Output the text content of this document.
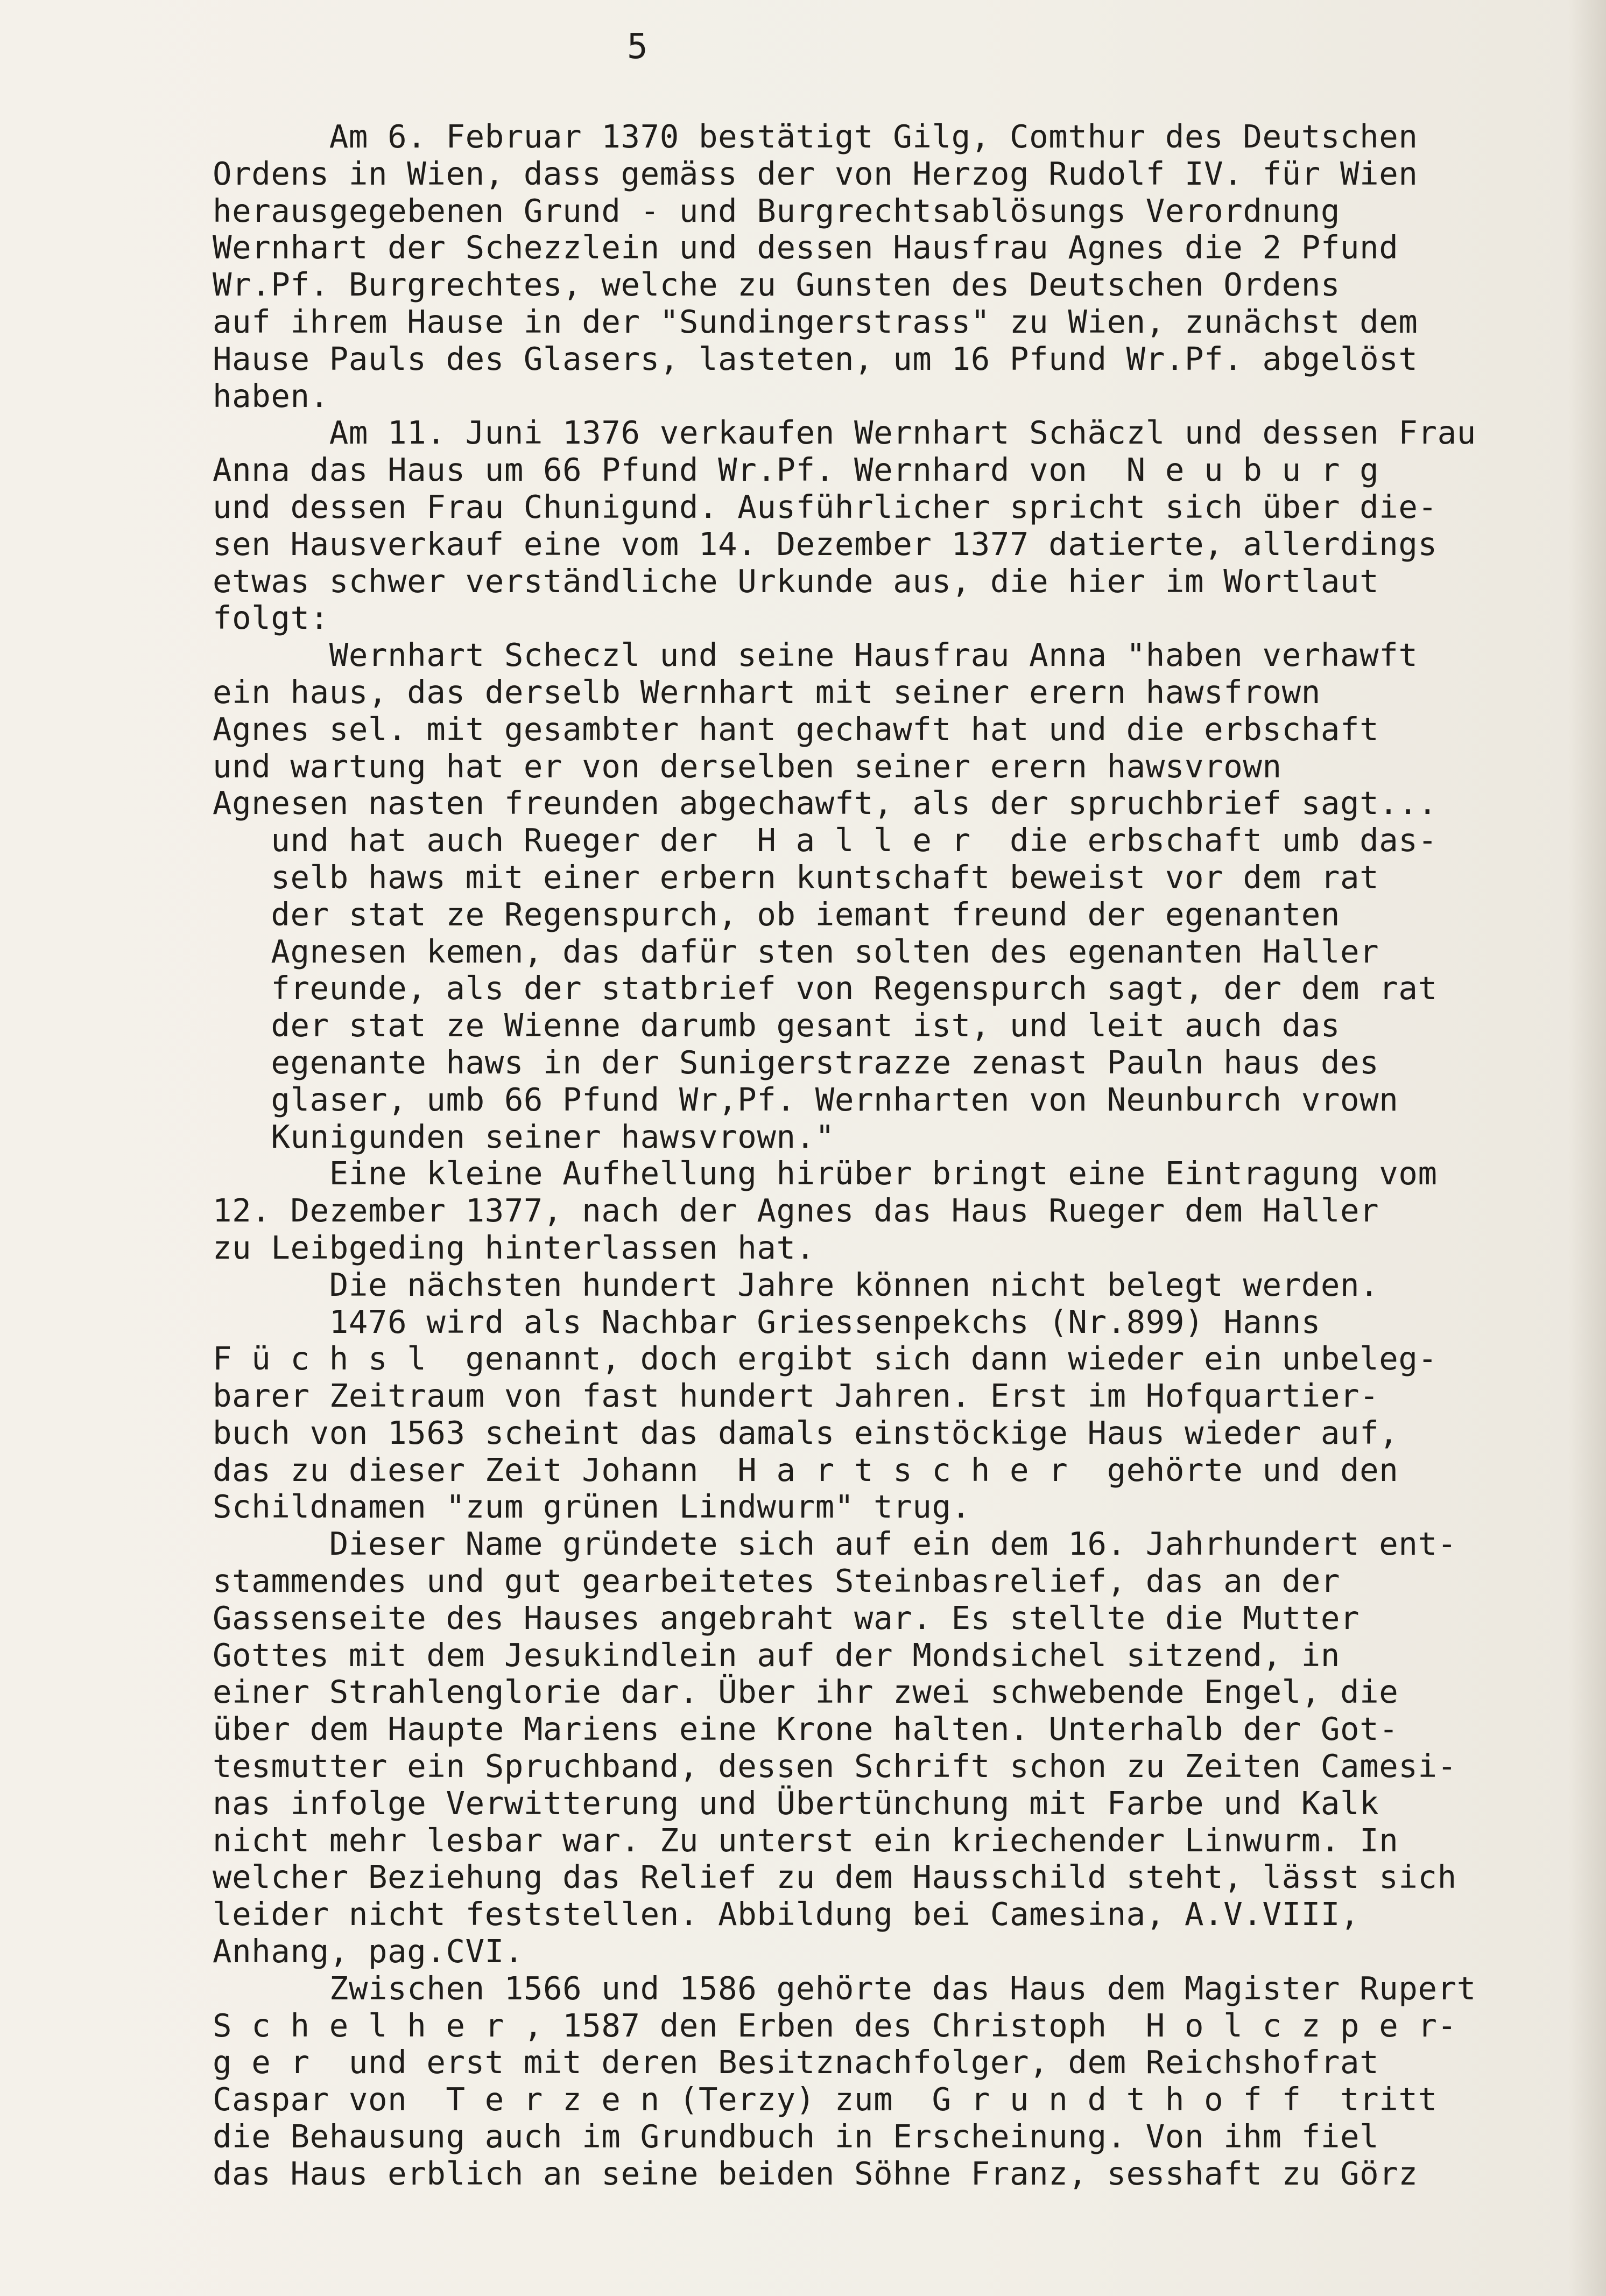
5
Am 6. Februar 1370 bestätigt Gilg, Comthur des Deutschen
Ordens in Wien, dass gemäss der von Herzog Rudolf IV. für Wien
herausgegebenen Grund - und Burgrechtsablösungs Verordnung
Wernhart der Schezzlein und dessen Hausfrau Agnes die 2 Pfund
Wr.Pf. Burgrechtes, welche zu Gunsten des Deutschen Ordens
auf ihrem Hause in der "Sundingerstrass" zu Wien, zunächst dem
Hause Pauls des Glasers, lasteten, um 16 Pfund Wr.Pf. abgelöst
haben.
Am 11. Juni 1376 verkaufen Wernhart Schäczl und dessen Frau
Anna das Haus um 66 Pfund Wr.Pf. Wernhard von  N e u b u r g
und dessen Frau Chunigund. Ausführlicher spricht sich über die-
sen Hausverkauf eine vom 14. Dezember 1377 datierte, allerdings
etwas schwer verständliche Urkunde aus, die hier im Wortlaut
folgt:
Wernhart Scheczl und seine Hausfrau Anna "haben verhawft
ein haus, das derselb Wernhart mit seiner erern hawsfrown
Agnes sel. mit gesambter hant gechawft hat und die erbschaft
und wartung hat er von derselben seiner erern hawsvrown
Agnesen nasten freunden abgechawft, als der spruchbrief sagt...
und hat auch Rueger der  H a l l e r  die erbschaft umb das-
selb haws mit einer erbern kuntschaft beweist vor dem rat
der stat ze Regenspurch, ob iemant freund der egenanten
Agnesen kemen, das dafür sten solten des egenanten Haller
freunde, als der statbrief von Regenspurch sagt, der dem rat
der stat ze Wienne darumb gesant ist, und leit auch das
egenante haws in der Sunigerstrazze zenast Pauln haus des
glaser, umb 66 Pfund Wr,Pf. Wernharten von Neunburch vrown
Kunigunden seiner hawsvrown."
Eine kleine Aufhellung hirüber bringt eine Eintragung vom
12. Dezember 1377, nach der Agnes das Haus Rueger dem Haller
zu Leibgeding hinterlassen hat.
Die nächsten hundert Jahre können nicht belegt werden.
1476 wird als Nachbar Griessenpekchs (Nr.899) Hanns
F ü c h s l  genannt, doch ergibt sich dann wieder ein unbeleg-
barer Zeitraum von fast hundert Jahren. Erst im Hofquartier-
buch von 1563 scheint das damals einstöckige Haus wieder auf,
das zu dieser Zeit Johann  H a r t s c h e r  gehörte und den
Schildnamen "zum grünen Lindwurm" trug.
Dieser Name gründete sich auf ein dem 16. Jahrhundert ent-
stammendes und gut gearbeitetes Steinbasrelief, das an der
Gassenseite des Hauses angebraht war. Es stellte die Mutter
Gottes mit dem Jesukindlein auf der Mondsichel sitzend, in
einer Strahlenglorie dar. Über ihr zwei schwebende Engel, die
über dem Haupte Mariens eine Krone halten. Unterhalb der Got-
tesmutter ein Spruchband, dessen Schrift schon zu Zeiten Camesi-
nas infolge Verwitterung und Übertünchung mit Farbe und Kalk
nicht mehr lesbar war. Zu unterst ein kriechender Linwurm. In
welcher Beziehung das Relief zu dem Hausschild steht, lässt sich
leider nicht feststellen. Abbildung bei Camesina, A.V.VIII,
Anhang, pag.CVI.
Zwischen 1566 und 1586 gehörte das Haus dem Magister Rupert
S c h e l h e r , 1587 den Erben des Christoph  H o l c z p e r-
g e r  und erst mit deren Besitznachfolger, dem Reichshofrat
Caspar von  T e r z e n (Terzy) zum  G r u n d t h o f f  tritt
die Behausung auch im Grundbuch in Erscheinung. Von ihm fiel
das Haus erblich an seine beiden Söhne Franz, sesshaft zu Görz
